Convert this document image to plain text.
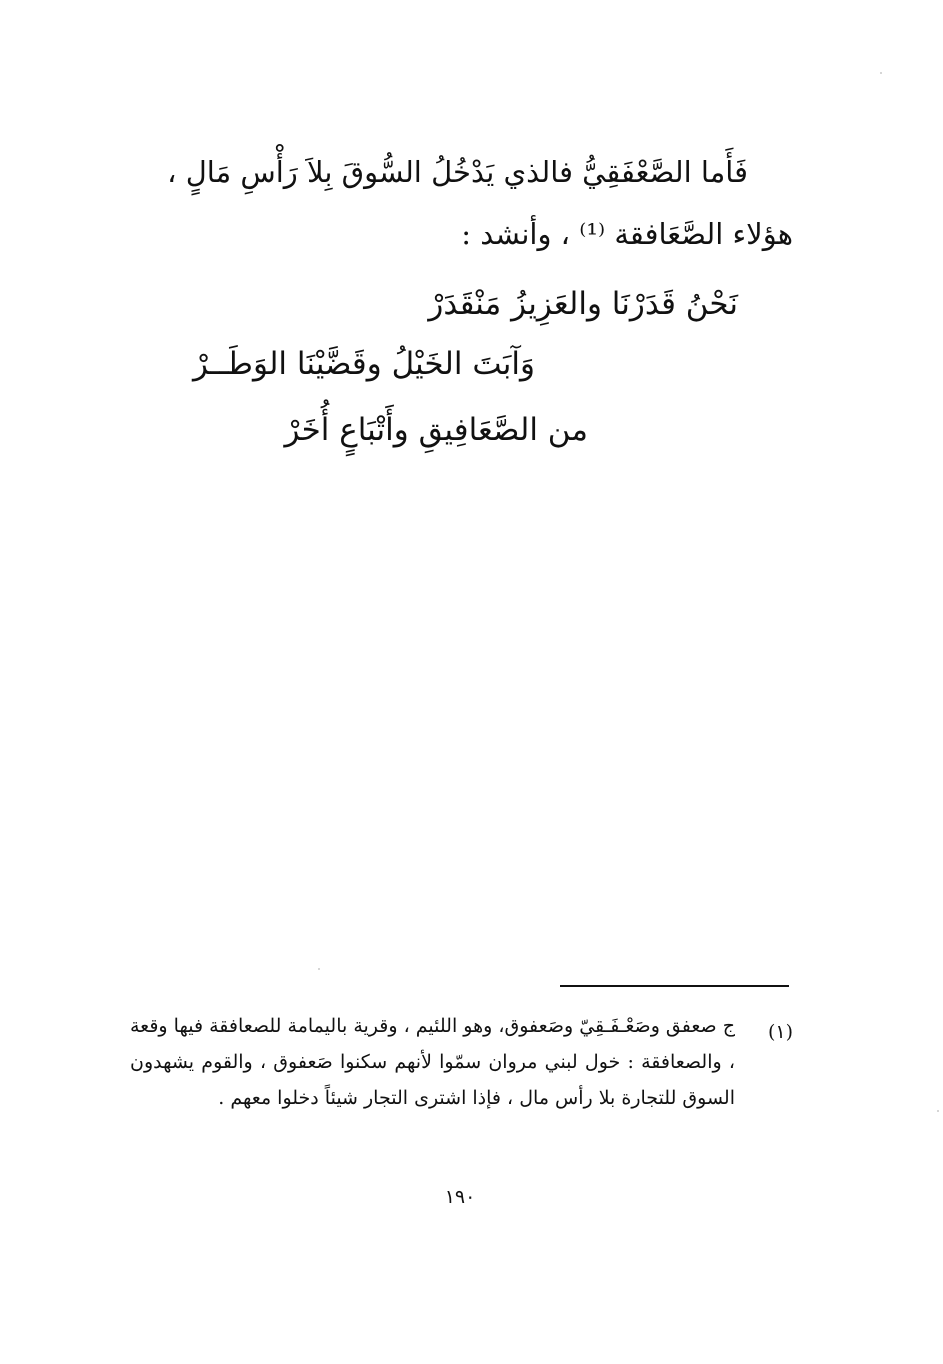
فَأَما الصَّعْفَقِيُّ فالذي يَدْخُلُ السُّوقَ بِلاَ رَأْسِ مَالٍ ،
هؤلاء الصَّعَافقة ⁽¹⁾ ، وأنشد :
نَحْنُ قَدَرْنَا والعَزِيزُ مَنْقَدَرْ
وَآبَتَ الخَيْلُ وقَضَّيْنَا الوَطَــرْ
من الصَّعَافِيقِ وأَتْبَاعٍ أُخَرْ
(١)
ج صعفق وصَعْـفَـقِيّ وصَعفوق، وهو اللئيم ، وقرية باليمامة للصعافقة فيها وقعة ، والصعافقة : خول لبني مروان سمّوا لأنهم سكنوا صَعفوق ، والقوم يشهدون السوق للتجارة بلا رأس مال ، فإذا اشترى التجار شيئاً دخلوا معهم .
١٩٠
